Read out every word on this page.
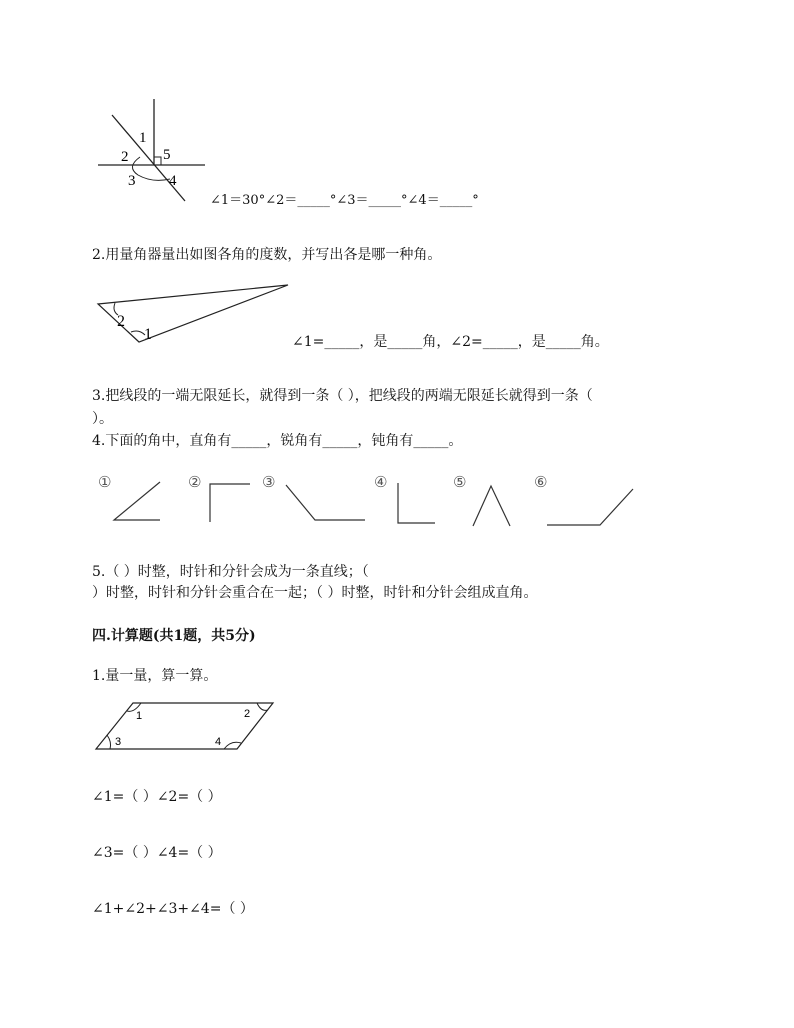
1
2
3 4
5
∠1＝30°∠2＝_____°∠3＝_____°∠4＝_____°
2.用量角器量出如图各角的度数，并写出各是哪一种角。
2
1	∠1=_____，是_____角，∠2=_____，是_____角。
3.把线段的一端无限延长，就得到一条（ ），把线段的两端无限延长就得到一条（
）。
4.下面的角中，直角有_____，锐角有_____，钝角有_____。
①	②	③	④	⑤	⑥
5.（ ）时整，时针和分针会成为一条直线；（
）时整，时针和分针会重合在一起；（ ）时整，时针和分针会组成直角。
四.计算题(共1题，共5分)
1.量一量，算一算。
1	2
3	4
∠1=（ ）∠2=（ ）
∠3=（ ）∠4=（ ）
∠1+∠2+∠3+∠4=（ ）
